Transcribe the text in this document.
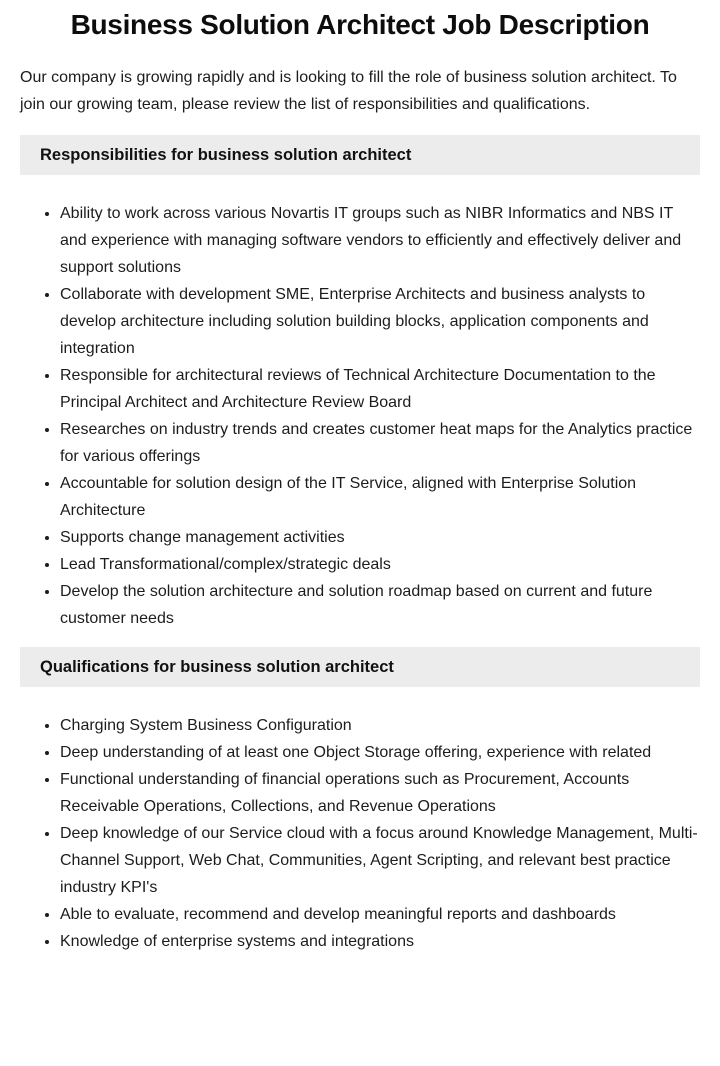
Business Solution Architect Job Description

Our company is growing rapidly and is looking to fill the role of business solution architect. To join our growing team, please review the list of responsibilities and qualifications.

Responsibilities for business solution architect
• Ability to work across various Novartis IT groups such as NIBR Informatics and NBS IT and experience with managing software vendors to efficiently and effectively deliver and support solutions
• Collaborate with development SME, Enterprise Architects and business analysts to develop architecture including solution building blocks, application components and integration
• Responsible for architectural reviews of Technical Architecture Documentation to the Principal Architect and Architecture Review Board
• Researches on industry trends and creates customer heat maps for the Analytics practice for various offerings
• Accountable for solution design of the IT Service, aligned with Enterprise Solution Architecture
• Supports change management activities
• Lead Transformational/complex/strategic deals
• Develop the solution architecture and solution roadmap based on current and future customer needs
Qualifications for business solution architect
• Charging System Business Configuration
• Deep understanding of at least one Object Storage offering, experience with related
• Functional understanding of financial operations such as Procurement, Accounts Receivable Operations, Collections, and Revenue Operations
• Deep knowledge of our Service cloud with a focus around Knowledge Management, Multi-Channel Support, Web Chat, Communities, Agent Scripting, and relevant best practice industry KPI's
• Able to evaluate, recommend and develop meaningful reports and dashboards
• Knowledge of enterprise systems and integrations
